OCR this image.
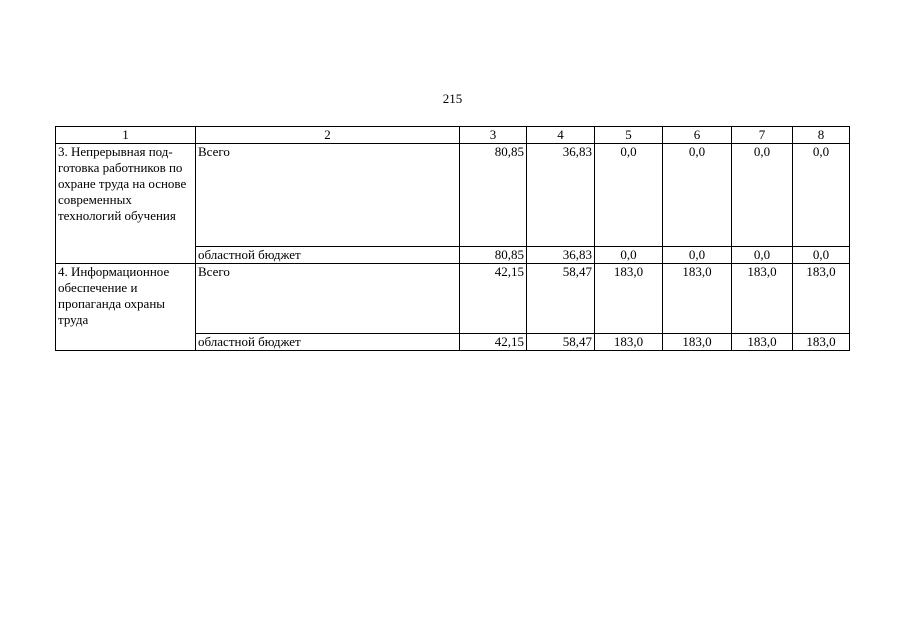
215
1	2	3	4	5	6	7	8
3. Непрерывная под-готовка работников по охране труда на основе современных технологий обучения	Всего	80,85	36,83	0,0	0,0	0,0	0,0
	областной бюджет	80,85	36,83	0,0	0,0	0,0	0,0
4. Информационное обеспечение и пропаганда охраны труда	Всего	42,15	58,47	183,0	183,0	183,0	183,0
	областной бюджет	42,15	58,47	183,0	183,0	183,0	183,0
